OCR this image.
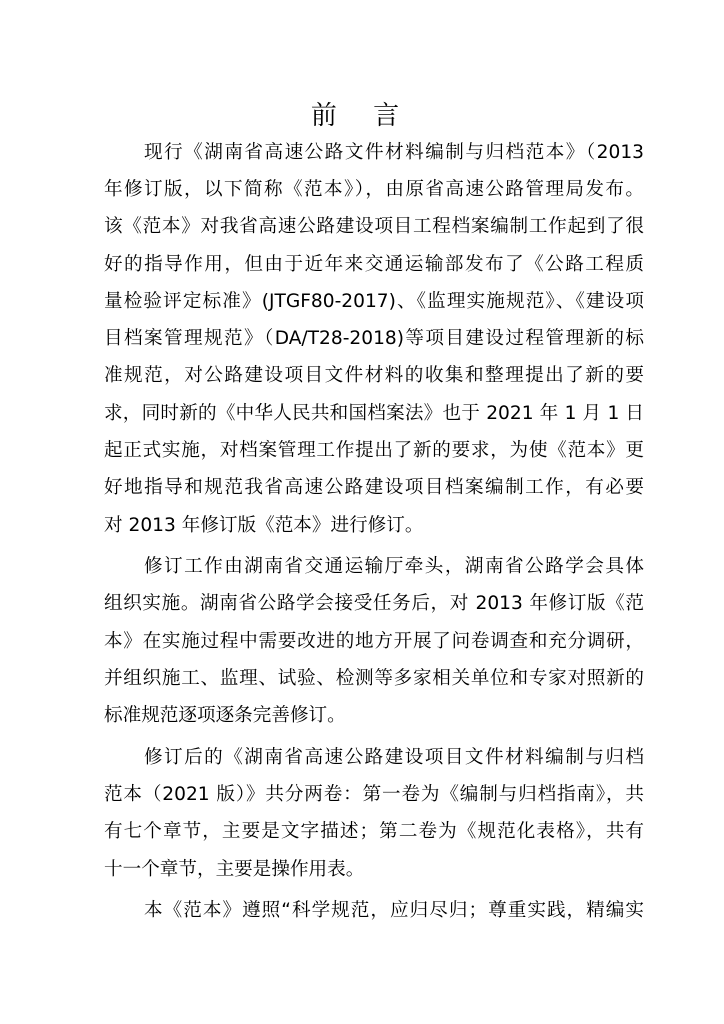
前 言
现行《湖南省高速公路文件材料编制与归档范本》（2013
年修订版，以下简称《范本》），由原省高速公路管理局发布。
该《范本》对我省高速公路建设项目工程档案编制工作起到了很
好的指导作用，但由于近年来交通运输部发布了《公路工程质
量检验评定标准》(JTGF80-2017)、《监理实施规范》、《建设项
目档案管理规范》（DA/T28-2018)等项目建设过程管理新的标
准规范，对公路建设项目文件材料的收集和整理提出了新的要
求，同时新的《中华人民共和国档案法》也于 2021 年 1 月 1 日
起正式实施，对档案管理工作提出了新的要求，为使《范本》更
好地指导和规范我省高速公路建设项目档案编制工作，有必要
对 2013 年修订版《范本》进行修订。
修订工作由湖南省交通运输厅牵头，湖南省公路学会具体
组织实施。湖南省公路学会接受任务后，对 2013 年修订版《范
本》在实施过程中需要改进的地方开展了问卷调查和充分调研，
并组织施工、监理、试验、检测等多家相关单位和专家对照新的
标准规范逐项逐条完善修订。
修订后的《湖南省高速公路建设项目文件材料编制与归档
范本（2021 版）》共分两卷：第一卷为《编制与归档指南》，共
有七个章节，主要是文字描述；第二卷为《规范化表格》，共有
十一个章节，主要是操作用表。
本《范本》遵照“科学规范，应归尽归；尊重实践，精编实
